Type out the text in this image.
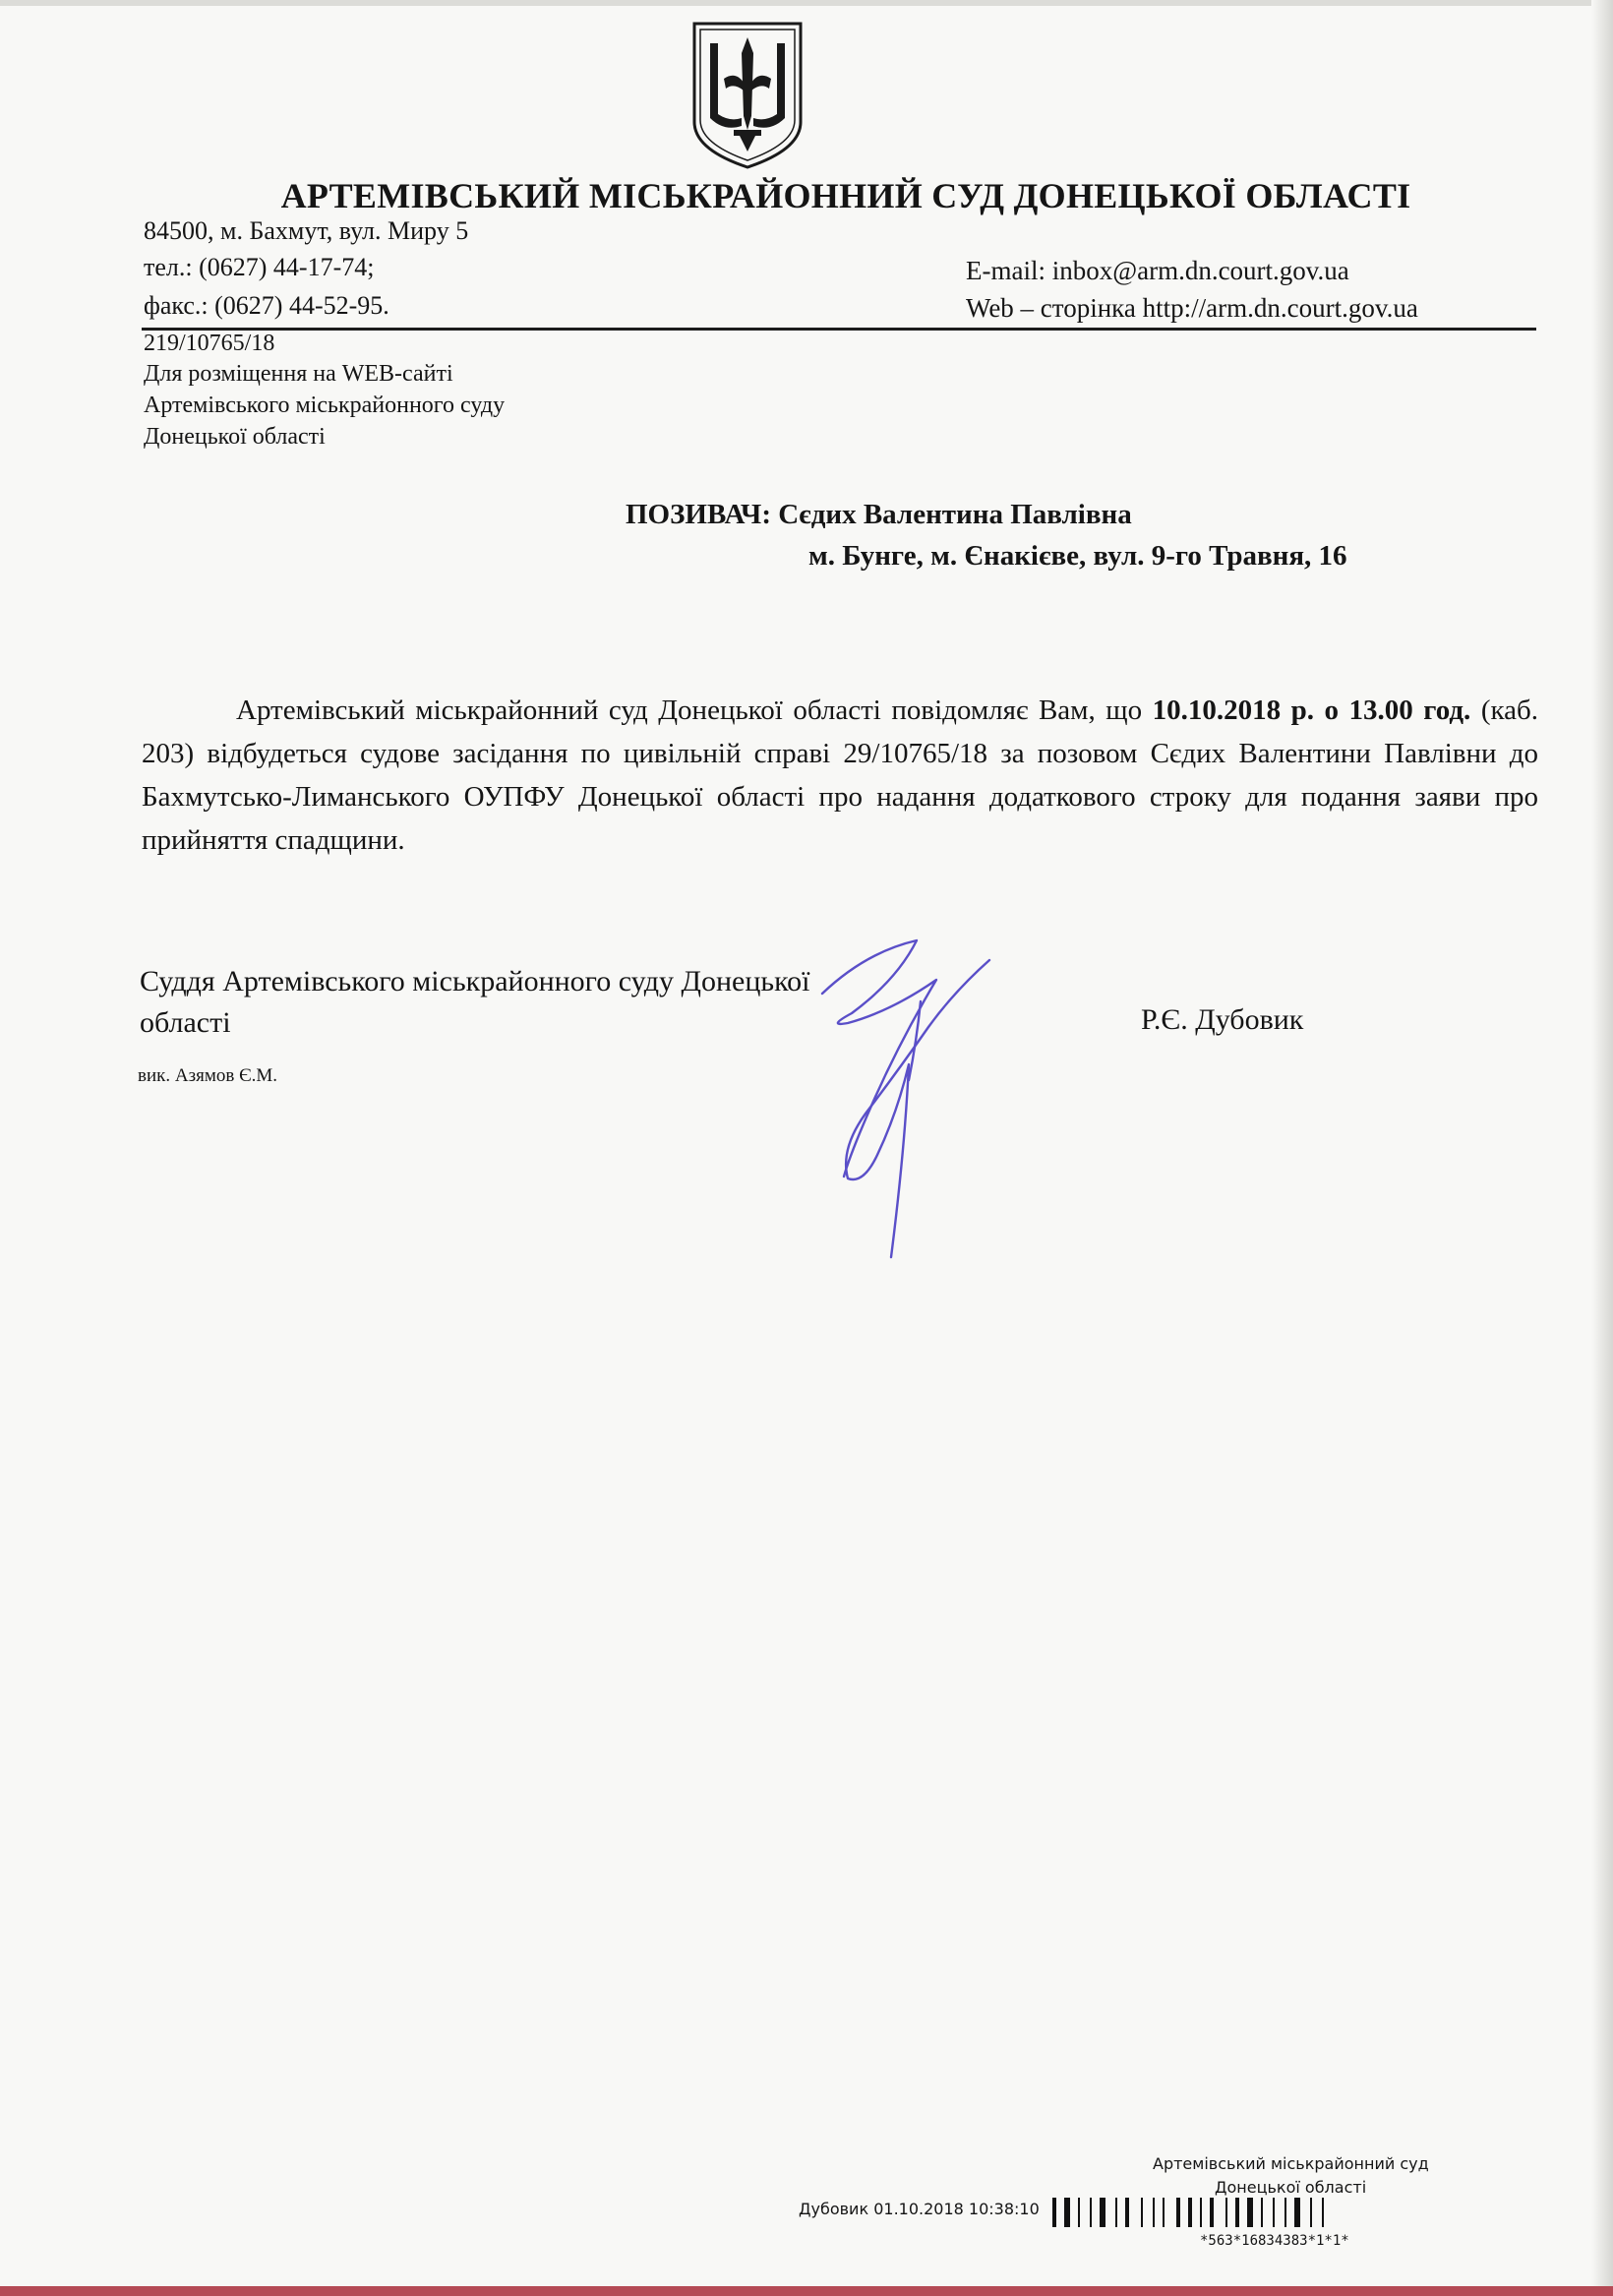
АРТЕМІВСЬКИЙ МІСЬКРАЙОННИЙ СУД ДОНЕЦЬКОЇ ОБЛАСТІ
84500, м. Бахмут, вул. Миру 5
тел.: (0627) 44-17-74;
факс.: (0627) 44-52-95.
E-mail: inbox@arm.dn.court.gov.ua
Web – сторінка http://arm.dn.court.gov.ua
219/10765/18
Для розміщення на WEB-сайті Артемівського міськрайонного суду Донецької області
ПОЗИВАЧ: Сєдих Валентина Павлівна
м. Бунге, м. Єнакієве, вул. 9-го Травня, 16
Артемівський міськрайонний суд Донецької області повідомляє Вам, що 10.10.2018 р. о 13.00 год. (каб. 203) відбудеться судове засідання по цивільній справі 29/10765/18 за позовом Сєдих Валентини Павлівни до Бахмутсько-Лиманського ОУПФУ Донецької області про надання додаткового строку для подання заяви про прийняття спадщини.
Суддя Артемівського міськрайонного суду Донецької області	Р.Є. Дубовик
вик. Азямов Є.М.
Артемівський міськрайонний суд
Донецької області
Дубовик 01.10.2018 10:38:10
*563*16834383*1*1*
